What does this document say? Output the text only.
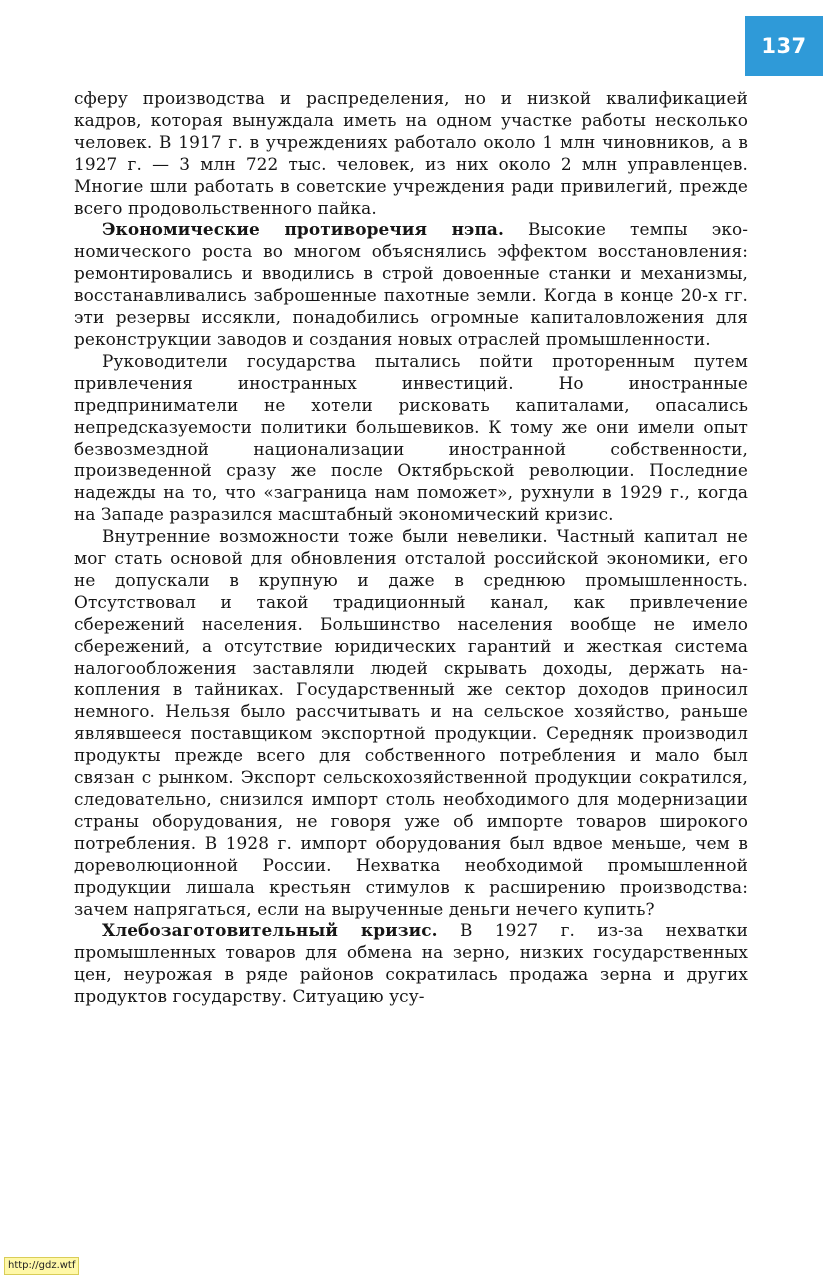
137

сферу производства и распределения, но и низкой квалификацией кадров, которая вынуждала иметь на одном участке работы несколько человек. В 1917 г. в учреждениях работало около 1 млн чиновников, а в 1927 г. — 3 млн 722 тыс. человек, из них около 2 млн управленцев. Многие шли работать в советские учреждения ради привилегий, прежде всего продовольственного пайка.

Экономические противоречия нэпа. Высокие темпы экономического роста во многом объяснялись эффектом восстановления: ремонтировались и вводились в строй довоенные станки и механизмы, восстанавливались заброшенные пахотные земли. Когда в конце 20-х гг. эти резервы иссякли, понадобились огромные капиталовложения для реконструкции заводов и создания новых отраслей промышленности.

Руководители государства пытались пойти проторенным путем привлечения иностранных инвестиций. Но иностранные предприниматели не хотели рисковать капиталами, опасались непредсказуемости политики большевиков. К тому же они имели опыт безвозмездной национализации иностранной собственности, произведенной сразу же после Октябрьской революции. Последние надежды на то, что «заграница нам поможет», рухнули в 1929 г., когда на Западе разразился масштабный экономический кризис.

Внутренние возможности тоже были невелики. Частный капитал не мог стать основой для обновления отсталой российской экономики, его не допускали в крупную и даже в среднюю промышленность. Отсутствовал и такой традиционный канал, как привлечение сбережений населения. Большинство населения вообще не имело сбережений, а отсутствие юридических гарантий и жесткая система налогообложения заставляли людей скрывать доходы, держать накопления в тайниках. Государственный же сектор доходов приносил немного. Нельзя было рассчитывать и на сельское хозяйство, раньше являвшееся поставщиком экспортной продукции. Середняк производил продукты прежде всего для собственного потребления и мало был связан с рынком. Экспорт сельскохозяйственной продукции сократился, следовательно, снизился импорт столь необходимого для модернизации страны оборудования, не говоря уже об импорте товаров широкого потребления. В 1928 г. импорт оборудования был вдвое меньше, чем в дореволюционной России. Нехватка необходимой промышленной продукции лишала крестьян стимулов к расширению производства: зачем напрягаться, если на вырученные деньги нечего купить?

Хлебозаготовительный кризис. В 1927 г. из-за нехватки промышленных товаров для обмена на зерно, низких государственных цен, неурожая в ряде районов сократилась продажа зерна и других продуктов государству. Ситуацию усу-

http://gdz.wtf
